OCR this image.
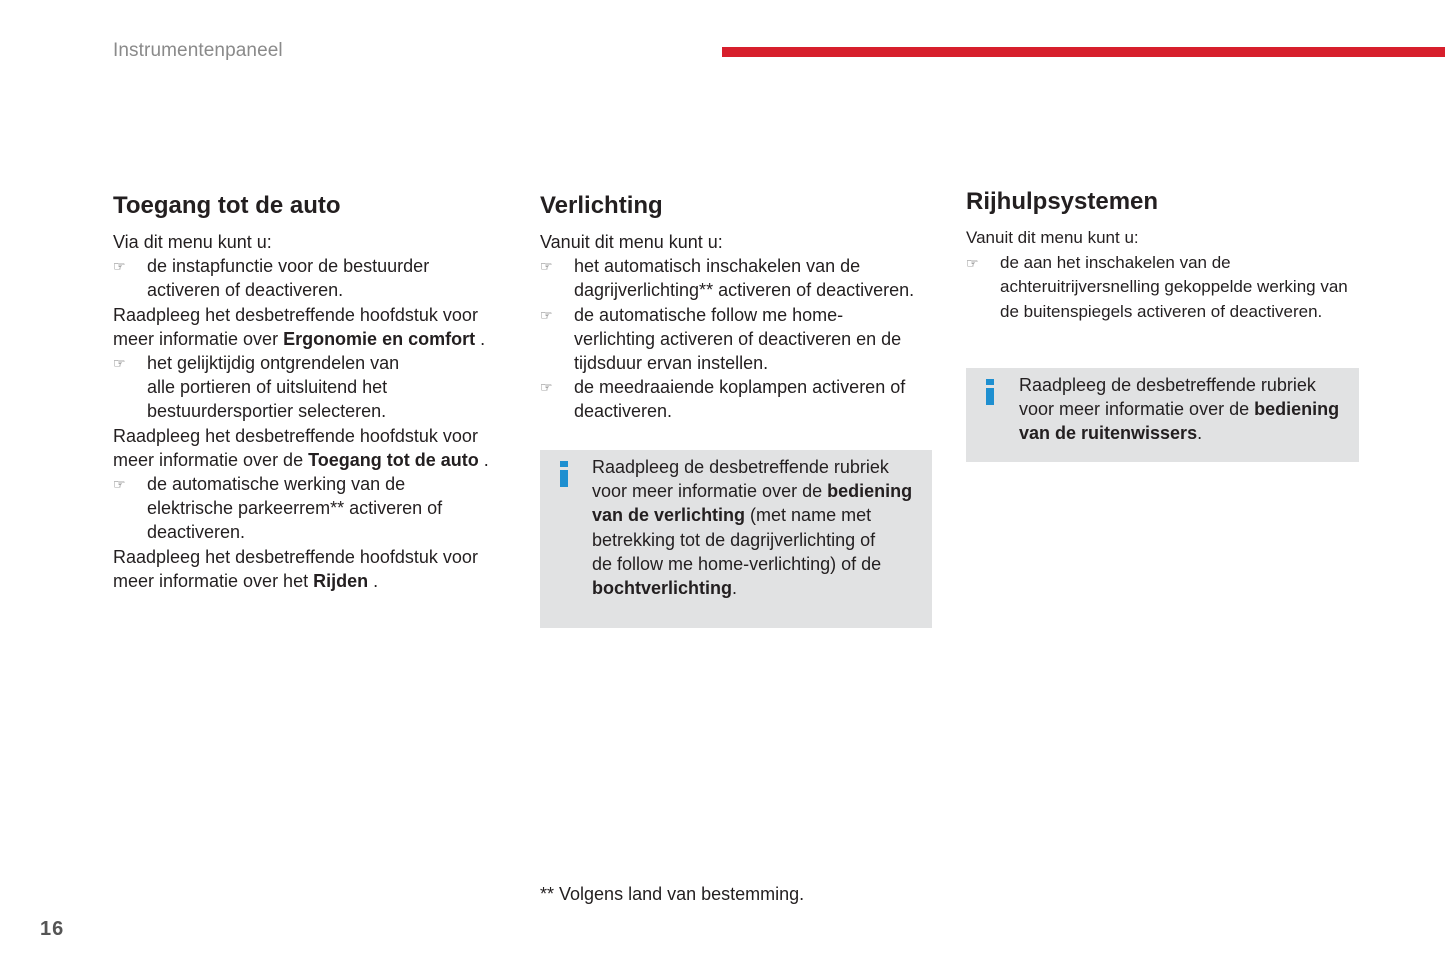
Instrumentenpaneel
Toegang tot de auto

Via dit menu kunt u:

☞	de instapfunctie voor de bestuurder
activeren of deactiveren.

Raadpleeg het desbetreffende hoofdstuk voor
meer informatie over Ergonomie en comfort .

☞	het gelijktijdig ontgrendelen van
alle portieren of uitsluitend het
bestuurdersportier selecteren.

Raadpleeg het desbetreffende hoofdstuk voor
meer informatie over de Toegang tot de auto .

☞	de automatische werking van de
elektrische parkeerrem** activeren of
deactiveren.

Raadpleeg het desbetreffende hoofdstuk voor
meer informatie over het Rijden .

Verlichting

Vanuit dit menu kunt u:

☞	het automatisch inschakelen van de
dagrijverlichting** activeren of deactiveren.
☞	de automatische follow me home-
verlichting activeren of deactiveren en de
tijdsduur ervan instellen.
☞	de meedraaiende koplampen activeren of
deactiveren.
Raadpleeg de desbetreffende rubriek
voor meer informatie over de bediening
van de verlichting (met name met
betrekking tot de dagrijverlichting of
de follow me home-verlichting) of de
bochtverlichting.
Rijhulpsystemen

Vanuit dit menu kunt u:

☞	de aan het inschakelen van de
achteruitrijversnelling gekoppelde werking van
de buitenspiegels activeren of deactiveren.
Raadpleeg de desbetreffende rubriek
voor meer informatie over de bediening
van de ruitenwissers.
** Volgens land van bestemming.
16
